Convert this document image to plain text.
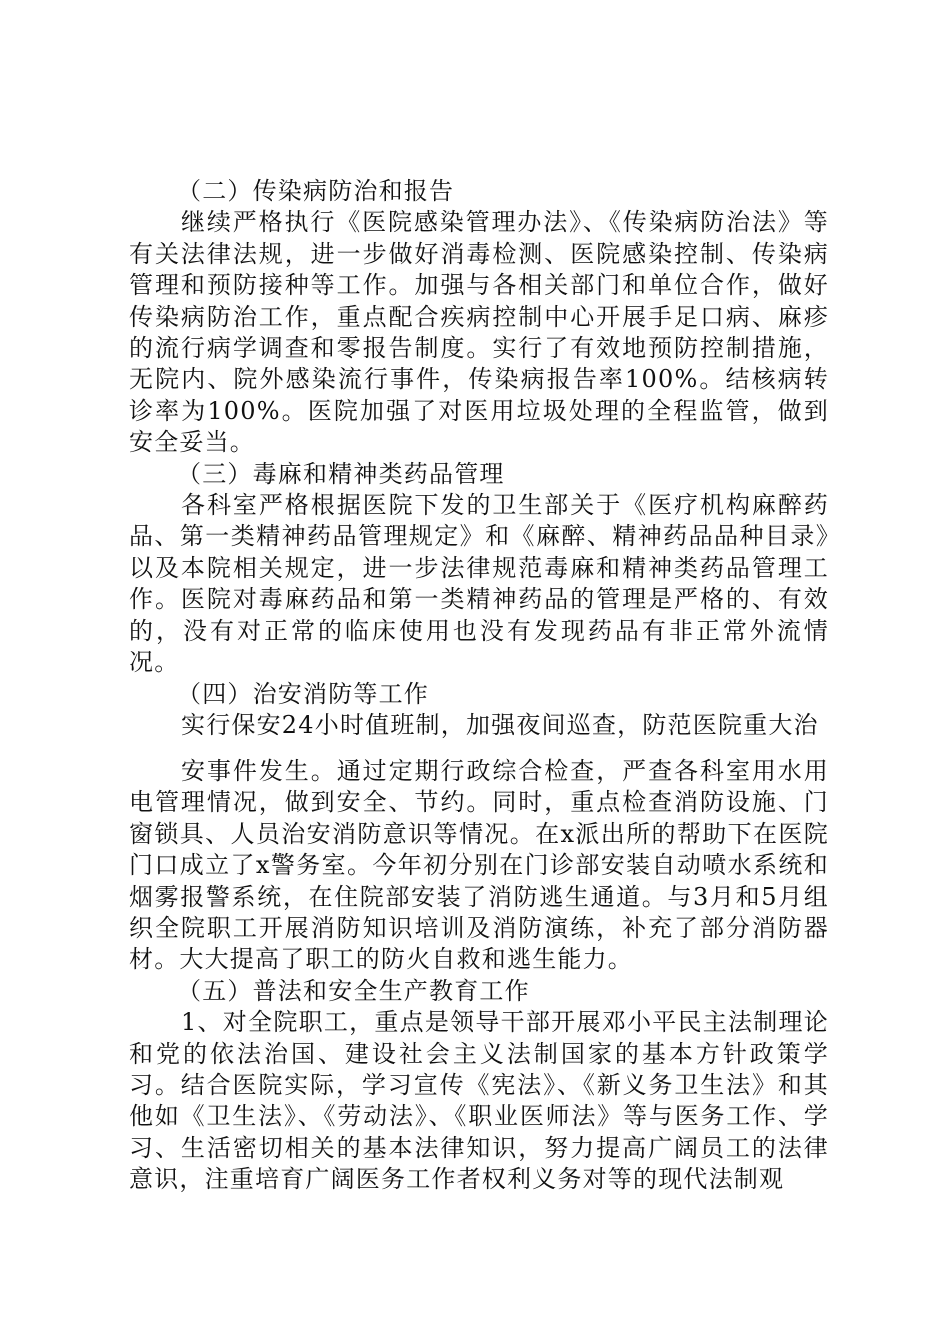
（二）传染病防治和报告

继续严格执行《医院感染管理办法》、《传染病防治法》等有关法律法规，进一步做好消毒检测、医院感染控制、传染病管理和预防接种等工作。加强与各相关部门和单位合作，做好传染病防治工作，重点配合疾病控制中心开展手足口病、麻疹的流行病学调查和零报告制度。实行了有效地预防控制措施，无院内、院外感染流行事件，传染病报告率100%。结核病转诊率为100%。医院加强了对医用垃圾处理的全程监管，做到安全妥当。

（三）毒麻和精神类药品管理

各科室严格根据医院下发的卫生部关于《医疗机构麻醉药品、第一类精神药品管理规定》和《麻醉、精神药品品种目录》以及本院相关规定，进一步法律规范毒麻和精神类药品管理工作。医院对毒麻药品和第一类精神药品的管理是严格的、有效的，没有对正常的临床使用也没有发现药品有非正常外流情况。

（四）治安消防等工作

实行保安24小时值班制，加强夜间巡查，防范医院重大治

安事件发生。通过定期行政综合检查，严查各科室用水用电管理情况，做到安全、节约。同时，重点检查消防设施、门窗锁具、人员治安消防意识等情况。在x派出所的帮助下在医院门口成立了x警务室。今年初分别在门诊部安装自动喷水系统和烟雾报警系统，在住院部安装了消防逃生通道。与3月和5月组织全院职工开展消防知识培训及消防演练，补充了部分消防器材。大大提高了职工的防火自救和逃生能力。

（五）普法和安全生产教育工作

1、对全院职工，重点是领导干部开展邓小平民主法制理论和党的依法治国、建设社会主义法制国家的基本方针政策学习。结合医院实际，学习宣传《宪法》、《新义务卫生法》和其他如《卫生法》、《劳动法》、《职业医师法》等与医务工作、学习、生活密切相关的基本法律知识，努力提高广阔员工的法律意识，注重培育广阔医务工作者权利义务对等的现代法制观
